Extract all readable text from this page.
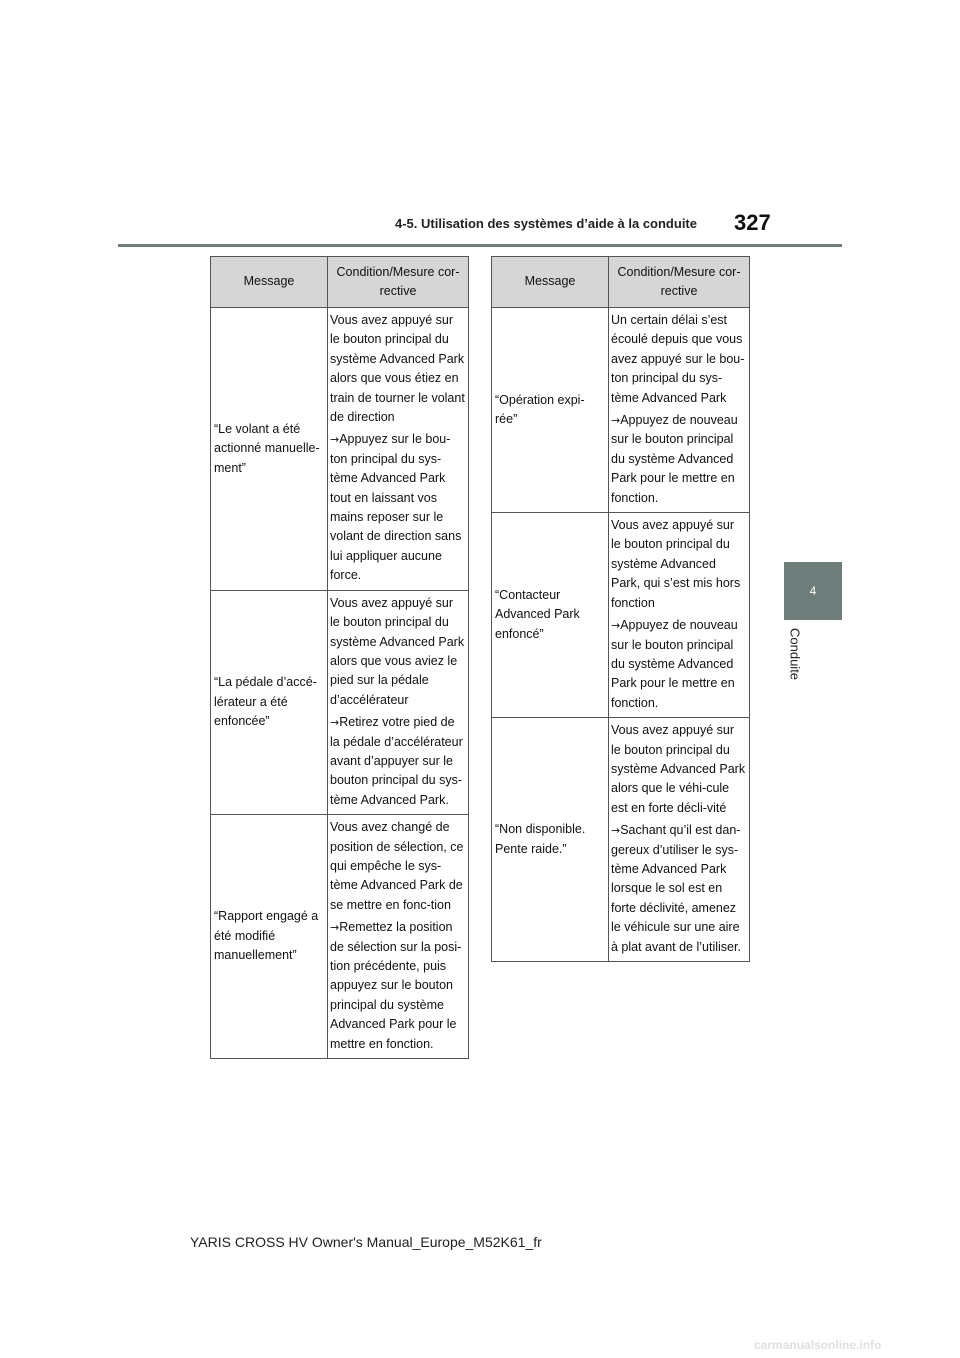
4-5. Utilisation des systèmes d’aide à la conduite 327
4
Conduite
Message	Condition/Mesure cor-rective
“Le volant a été actionné manuelle-ment”	Vous avez appuyé sur le bouton principal du système Advanced Park alors que vous étiez en train de tourner le volant de direction

→Appuyez sur le bou-ton principal du sys-tème Advanced Park tout en laissant vos mains reposer sur le volant de direction sans lui appliquer aucune force.

“La pédale d’accé-lérateur a été enfoncée”	Vous avez appuyé sur le bouton principal du système Advanced Park alors que vous aviez le pied sur la pédale d’accélérateur

→Retirez votre pied de la pédale d’accélérateur avant d’appuyer sur le bouton principal du sys-tème Advanced Park.

“Rapport engagé a été modifié manuellement”	Vous avez changé de position de sélection, ce qui empêche le sys-tème Advanced Park de se mettre en fonc-tion

→Remettez la position de sélection sur la posi-tion précédente, puis appuyez sur le bouton principal du système Advanced Park pour le mettre en fonction.

Message	Condition/Mesure cor-rective
“Opération expi-rée”	Un certain délai s’est écoulé depuis que vous avez appuyé sur le bou-ton principal du sys-tème Advanced Park

→Appuyez de nouveau sur le bouton principal du système Advanced Park pour le mettre en fonction.

“Contacteur Advanced Park enfoncé”	Vous avez appuyé sur le bouton principal du système Advanced Park, qui s’est mis hors fonction

→Appuyez de nouveau sur le bouton principal du système Advanced Park pour le mettre en fonction.

“Non disponible. Pente raide.”	Vous avez appuyé sur le bouton principal du système Advanced Park alors que le véhi-cule est en forte décli-vité

→Sachant qu’il est dan-gereux d’utiliser le sys-tème Advanced Park lorsque le sol est en forte déclivité, amenez le véhicule sur une aire à plat avant de l’utiliser.

YARIS CROSS HV Owner's Manual_Europe_M52K61_fr
carmanualsonline.info
